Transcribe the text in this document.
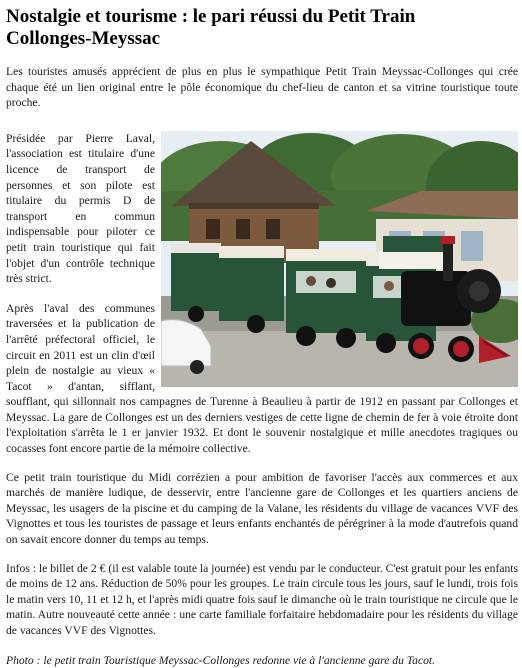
Nostalgie et tourisme : le pari réussi du Petit Train Collonges-Meyssac

Les touristes amusés apprécient de plus en plus le sympathique Petit Train Meyssac-Collonges qui crée chaque été un lien original entre le pôle économique du chef-lieu de canton et sa vitrine touristique toute proche.

Présidée par Pierre Laval, l'association est titulaire d'une licence de transport de personnes et son pilote est titulaire du permis D de transport en commun indispensable pour piloter ce petit train touristique qui fait l'objet d'un contrôle technique très strict.

Après l'aval des communes traversées et la publication de l'arrêté préfectoral officiel, le circuit en 2011 est un clin d'œil plein de nostalgie au vieux « Tacot » d'antan, sifflant, soufflant, qui sillonnait nos campagnes de Turenne à Beaulieu à partir de 1912 en passant par Collonges et Meyssac. La gare de Collonges est un des derniers vestiges de cette ligne de chemin de fer à voie étroite dont l'exploitation s'arrêta le 1 er janvier 1932. Et dont le souvenir nostalgique et mille anecdotes tragiques ou cocasses font encore partie de la mémoire collective.

Ce petit train touristique du Midi corrézien a pour ambition de favoriser l'accès aux commerces et aux marchés de manière ludique, de desservir, entre l'ancienne gare de Collonges et les quartiers anciens de Meyssac, les usagers de la piscine et du camping de la Valane, les résidents du village de vacances VVF des Vignottes et tous les touristes de passage et leurs enfants enchantés de pérégriner à la mode d'autrefois quand on savait encore donner du temps au temps.

Infos : le billet de 2 € (il est valable toute la journée) est vendu par le conducteur. C'est gratuit pour les enfants de moins de 12 ans. Réduction de 50% pour les groupes. Le train circule tous les jours, sauf le lundi, trois fois le matin vers 10, 11 et 12 h, et l'après midi quatre fois sauf le dimanche où le train touristique ne circule que le matin. Autre nouveauté cette année : une carte familiale forfaitaire hebdomadaire pour les résidents du village de vacances VVF des Vignottes.

Photo : le petit train Touristique Meyssac-Collonges redonne vie à l'ancienne gare du Tacot.
